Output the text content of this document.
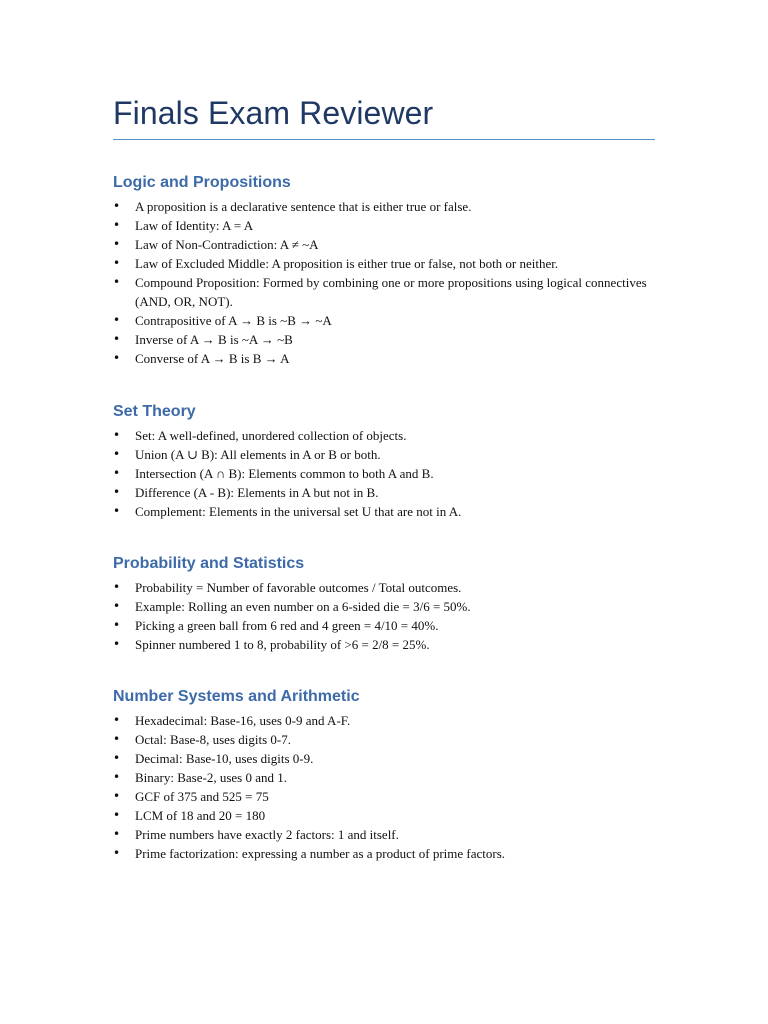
Finals Exam Reviewer
Logic and Propositions
•	A proposition is a declarative sentence that is either true or false.
•	Law of Identity: A = A
•	Law of Non-Contradiction: A ≠ ~A
•	Law of Excluded Middle: A proposition is either true or false, not both or neither.
•	Compound Proposition: Formed by combining one or more propositions using logical connectives (AND, OR, NOT).
•	Contrapositive of A → B is ~B → ~A
•	Inverse of A → B is ~A → ~B
•	Converse of A → B is B → A
Set Theory
•	Set: A well-defined, unordered collection of objects.
•	Union (A ∪ B): All elements in A or B or both.
•	Intersection (A ∩ B): Elements common to both A and B.
•	Difference (A - B): Elements in A but not in B.
•	Complement: Elements in the universal set U that are not in A.
Probability and Statistics
•	Probability = Number of favorable outcomes / Total outcomes.
•	Example: Rolling an even number on a 6-sided die = 3/6 = 50%.
•	Picking a green ball from 6 red and 4 green = 4/10 = 40%.
•	Spinner numbered 1 to 8, probability of >6 = 2/8 = 25%.
Number Systems and Arithmetic
•	Hexadecimal: Base-16, uses 0-9 and A-F.
•	Octal: Base-8, uses digits 0-7.
•	Decimal: Base-10, uses digits 0-9.
•	Binary: Base-2, uses 0 and 1.
•	GCF of 375 and 525 = 75
•	LCM of 18 and 20 = 180
•	Prime numbers have exactly 2 factors: 1 and itself.
•	Prime factorization: expressing a number as a product of prime factors.
